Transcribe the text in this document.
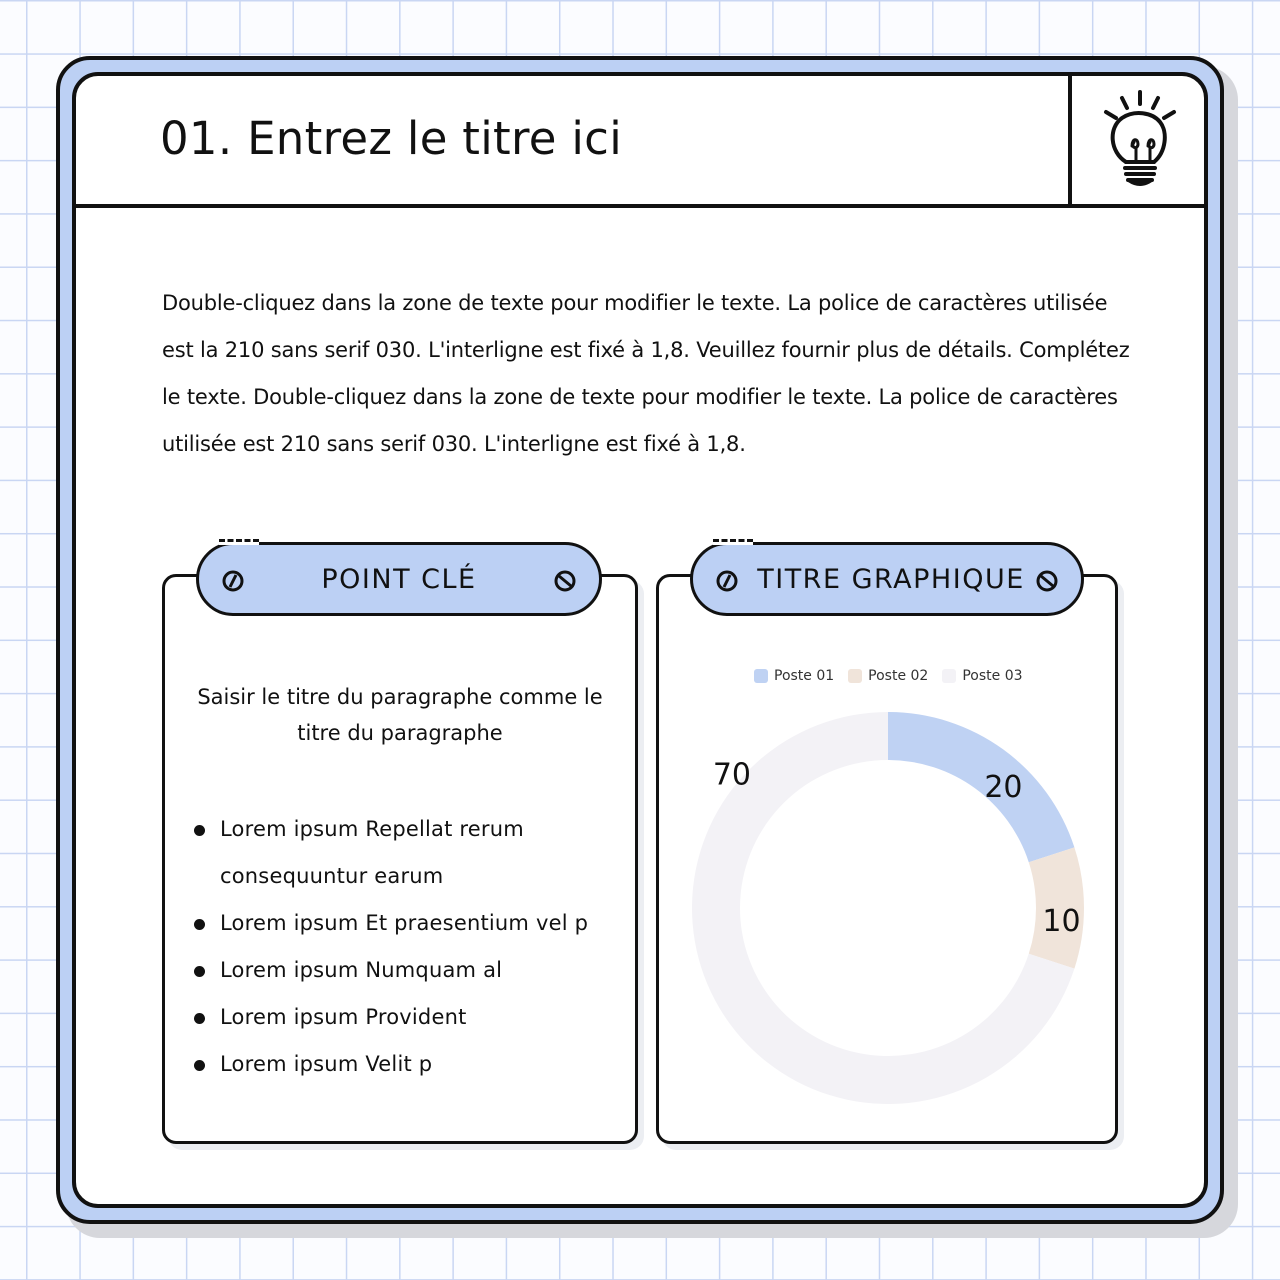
01. Entrez le titre ici

Double-cliquez dans la zone de texte pour modifier le texte. La police de caractères utilisée est la 210 sans serif 030. L'interligne est fixé à 1,8. Veuillez fournir plus de détails. Complétez le texte. Double-cliquez dans la zone de texte pour modifier le texte. La police de caractères utilisée est 210 sans serif 030. L'interligne est fixé à 1,8.

POINT CLÉ

Saisir le titre du paragraphe comme le titre du paragraphe

Lorem ipsum Repellat rerum consequuntur earum
Lorem ipsum Et praesentium vel p
Lorem ipsum Numquam al
Lorem ipsum Provident
Lorem ipsum Velit p
TITRE GRAPHIQUE
Poste 01 Poste 02 Poste 03
20
10
70
